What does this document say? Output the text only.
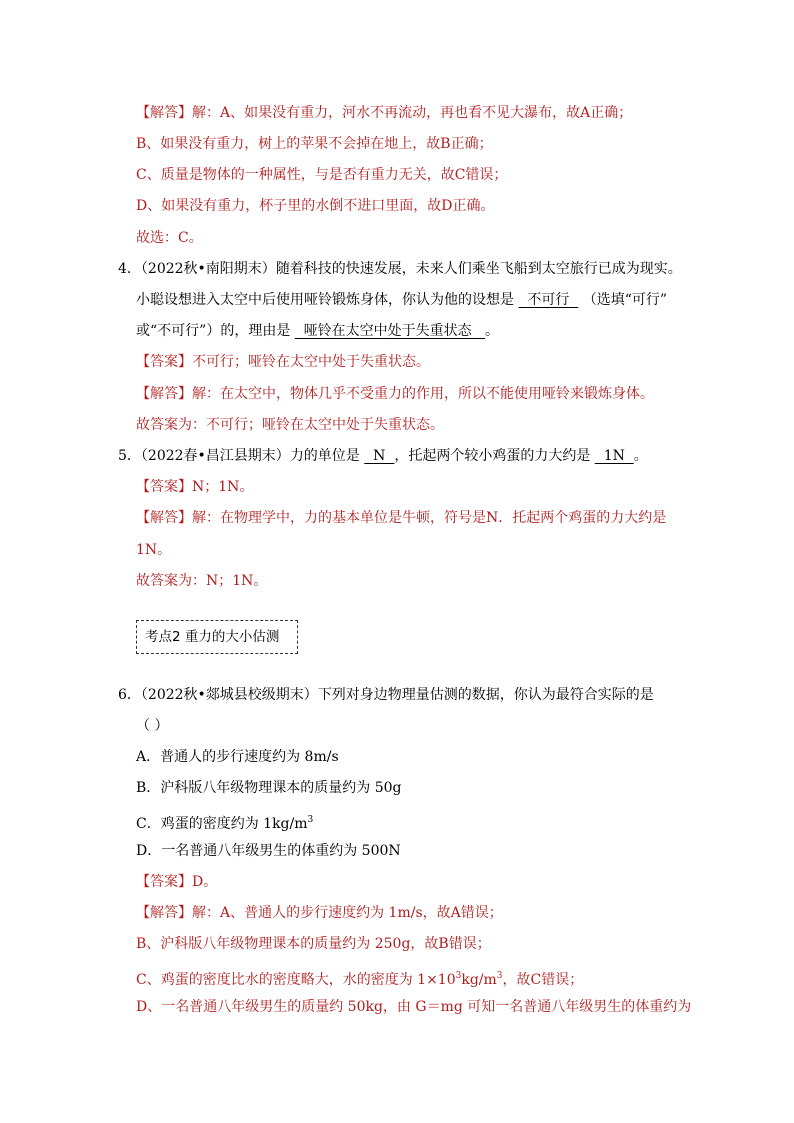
【解答】解：A、如果没有重力，河水不再流动，再也看不见大瀑布，故A正确；
B、如果没有重力，树上的苹果不会掉在地上，故B正确；
C、质量是物体的一种属性，与是否有重力无关，故C错误；
D、如果没有重力，杯子里的水倒不进口里面，故D正确。
故选：C。
4．（2022秋•南阳期末）随着科技的快速发展，未来人们乘坐飞船到太空旅行已成为现实。
小聪设想进入太空中后使用哑铃锻炼身体，你认为他的设想是 不可行 （选填“可行”
或“不可行”）的，理由是 哑铃在太空中处于失重状态 。
【答案】不可行；哑铃在太空中处于失重状态。
【解答】解：在太空中，物体几乎不受重力的作用，所以不能使用哑铃来锻炼身体。
故答案为：不可行；哑铃在太空中处于失重状态。
5．（2022春•昌江县期末）力的单位是 N ，托起两个较小鸡蛋的力大约是 1N 。
【答案】N；1N。
【解答】解：在物理学中，力的基本单位是牛顿，符号是N．托起两个鸡蛋的力大约是
1N。
故答案为：N；1N。
考点2 重力的大小估测
6．（2022秋•郯城县校级期末）下列对身边物理量估测的数据，你认为最符合实际的是
（ ）
A．普通人的步行速度约为 8m/s
B．沪科版八年级物理课本的质量约为 50g
C．鸡蛋的密度约为 $1kg/m^3$
D．一名普通八年级男生的体重约为 500N
【答案】D。
【解答】解：A、普通人的步行速度约为 1m/s，故A错误；
B、沪科版八年级物理课本的质量约为 250g，故B错误；
C、鸡蛋的密度比水的密度略大，水的密度为 $1\times 10^3kg/m^3$，故C错误；
D、一名普通八年级男生的质量约 50kg，由 G＝mg 可知一名普通八年级男生的体重约为
